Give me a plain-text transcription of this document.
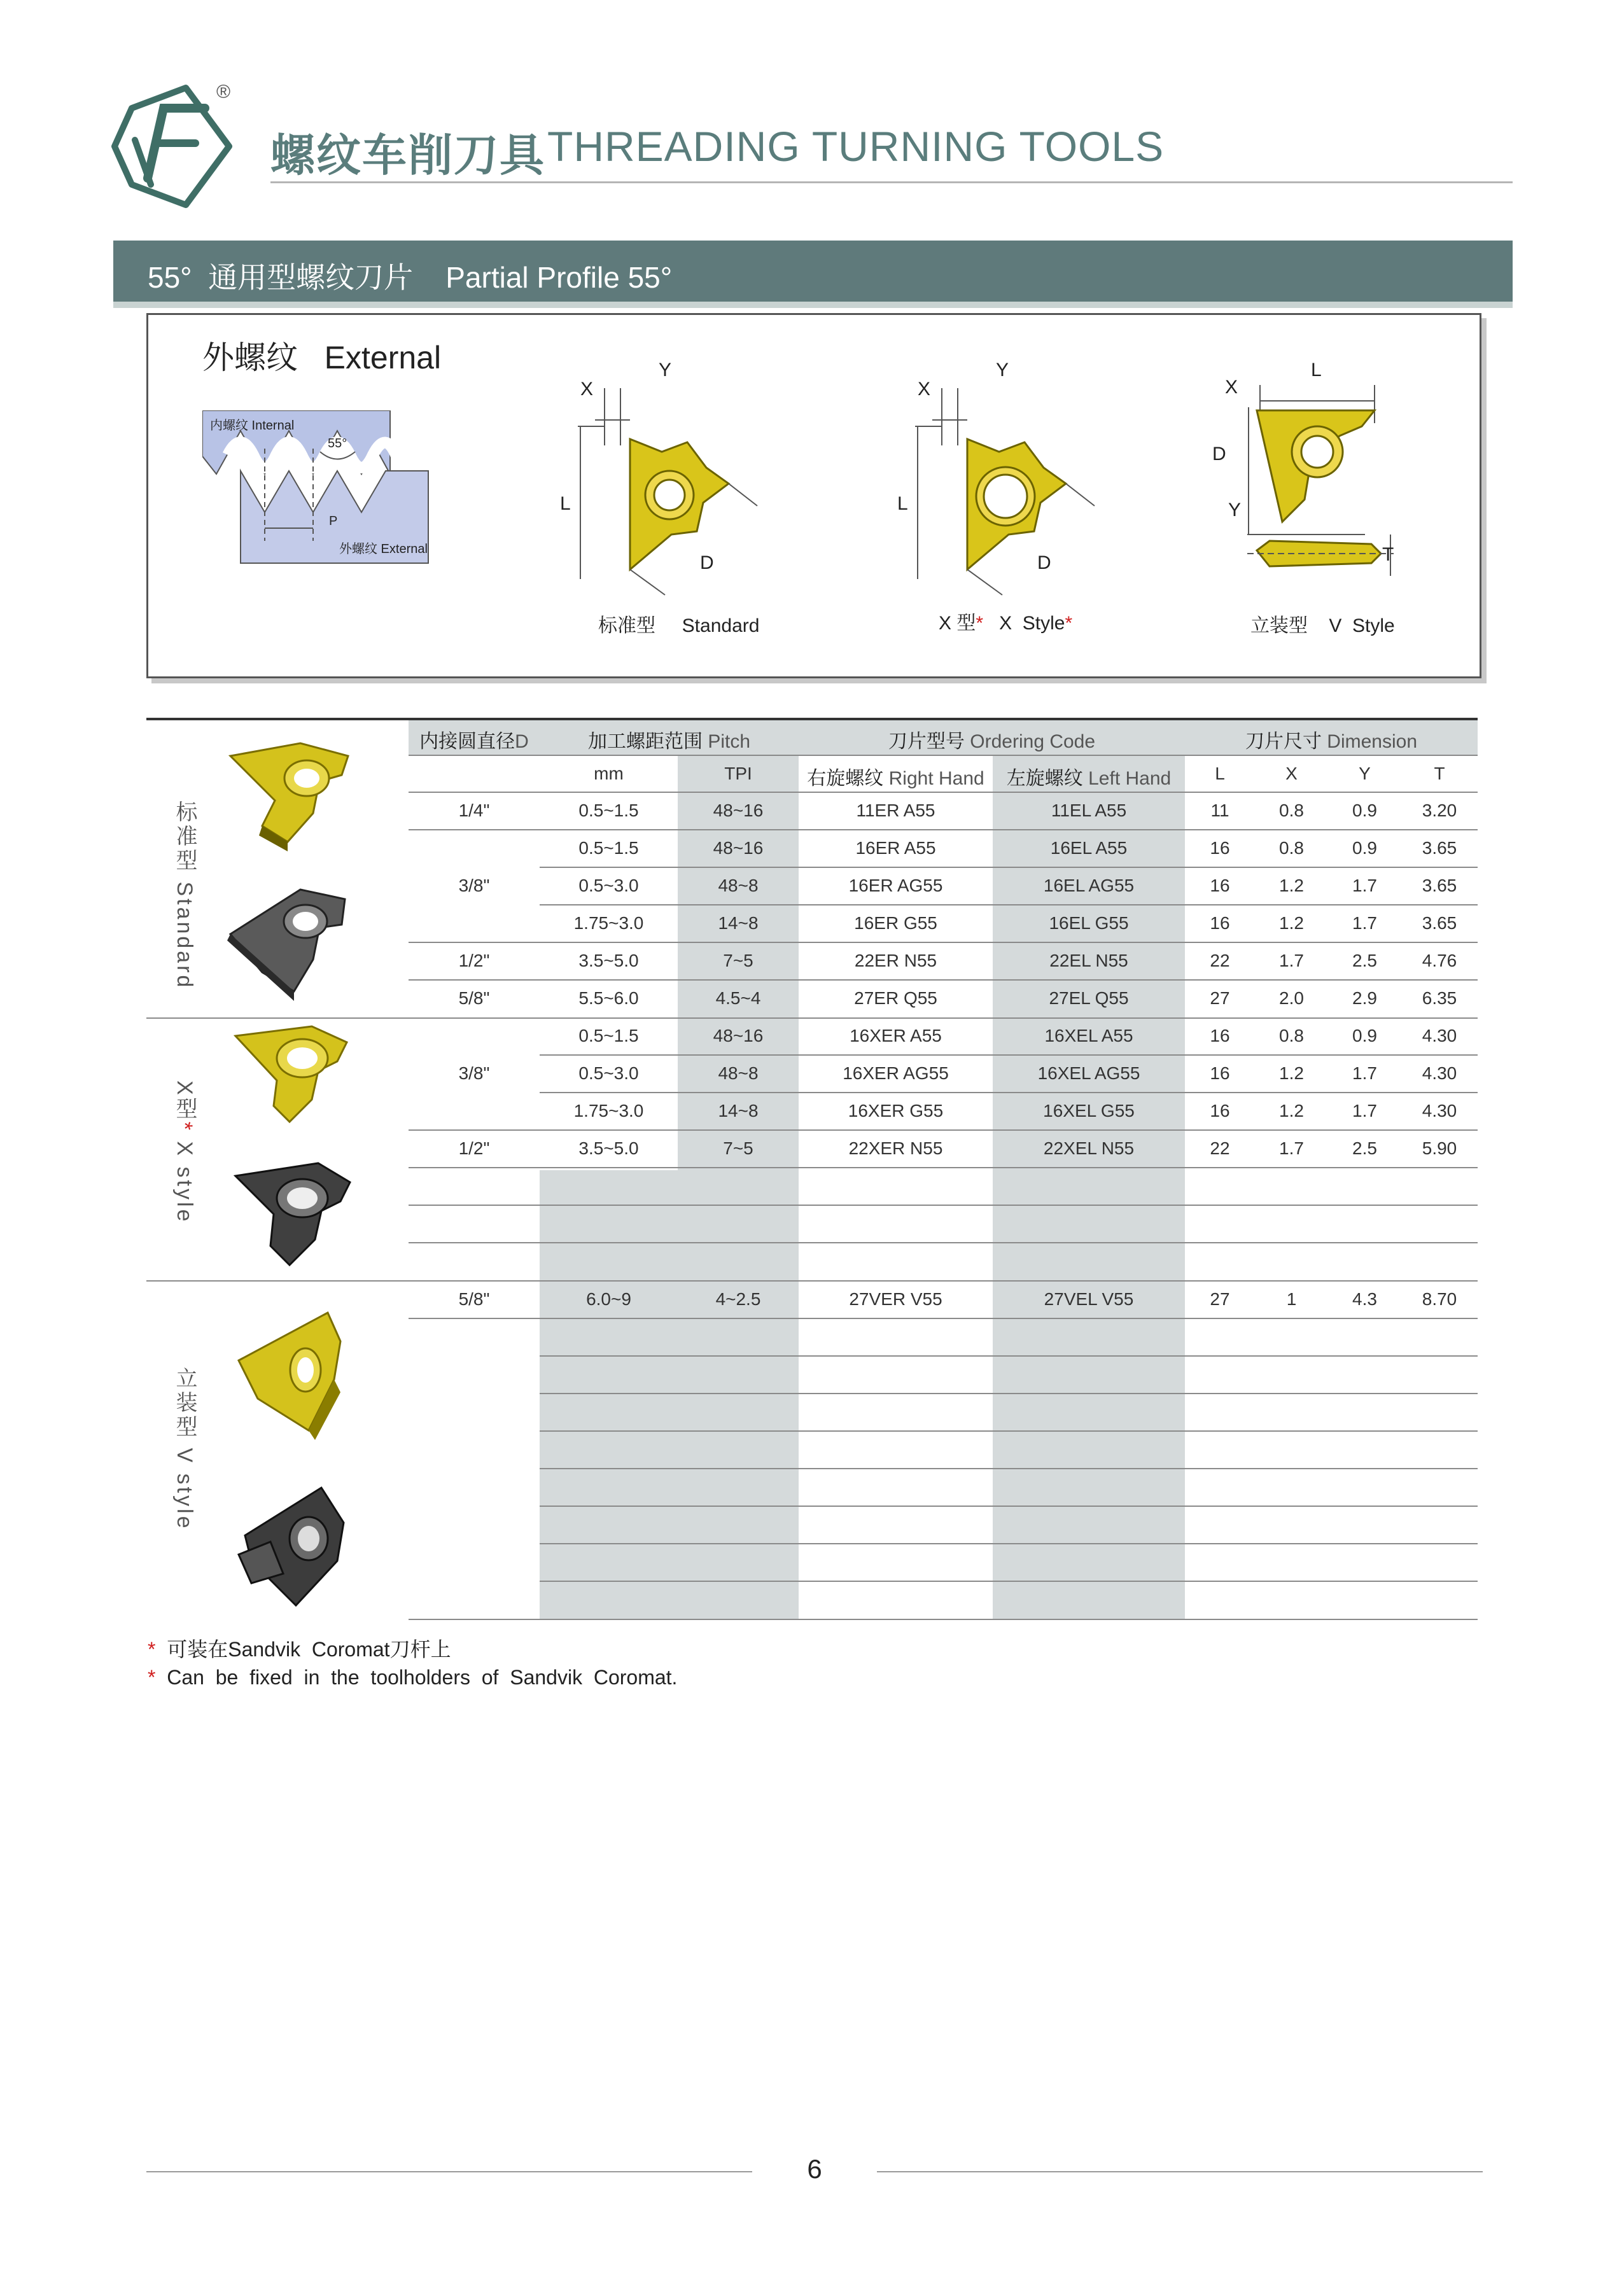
®
螺纹车削刀具 THREADING TURNING TOOLS
55°  通用型螺纹刀片    Partial Profile 55°
外螺纹   External
内螺纹 Internal
55°
P
外螺纹 External
X
Y
L
D
标准型     Standard
X
Y
L
D
X 型* X  Style*
X
L
D
Y
T
立装型    V  Style
内接圆直径D	加工螺距范围 Pitch	刀片型号 Ordering Code	刀片尺寸 Dimension
mm	TPI	右旋螺纹 Right Hand	左旋螺纹 Left Hand	L	X	Y	T
1/4"	0.5~1.5	48~16	11ER A55	11EL A55	11	0.8	0.9	3.20
0.5~1.5	48~16	16ER A55	16EL A55	16	0.8	0.9	3.65
3/8"	0.5~3.0	48~8	16ER AG55	16EL AG55	16	1.2	1.7	3.65
1.75~3.0	14~8	16ER G55	16EL G55	16	1.2	1.7	3.65
1/2"	3.5~5.0	7~5	22ER N55	22EL N55	22	1.7	2.5	4.76
5/8"	5.5~6.0	4.5~4	27ER Q55	27EL Q55	27	2.0	2.9	6.35
0.5~1.5	48~16	16XER A55	16XEL A55	16	0.8	0.9	4.30
3/8"	0.5~3.0	48~8	16XER AG55	16XEL AG55	16	1.2	1.7	4.30
1.75~3.0	14~8	16XER G55	16XEL G55	16	1.2	1.7	4.30
1/2"	3.5~5.0	7~5	22XER N55	22XEL N55	22	1.7	2.5	5.90
5/8"	6.0~9	4~2.5	27VER V55	27VEL V55	27	1	4.3	8.70
标准型 Standard
X型* X style
立装型 V style
* 可装在Sandvik  Coromat刀杆上
* Can  be  fixed  in  the  toolholders  of  Sandvik  Coromat.
6
